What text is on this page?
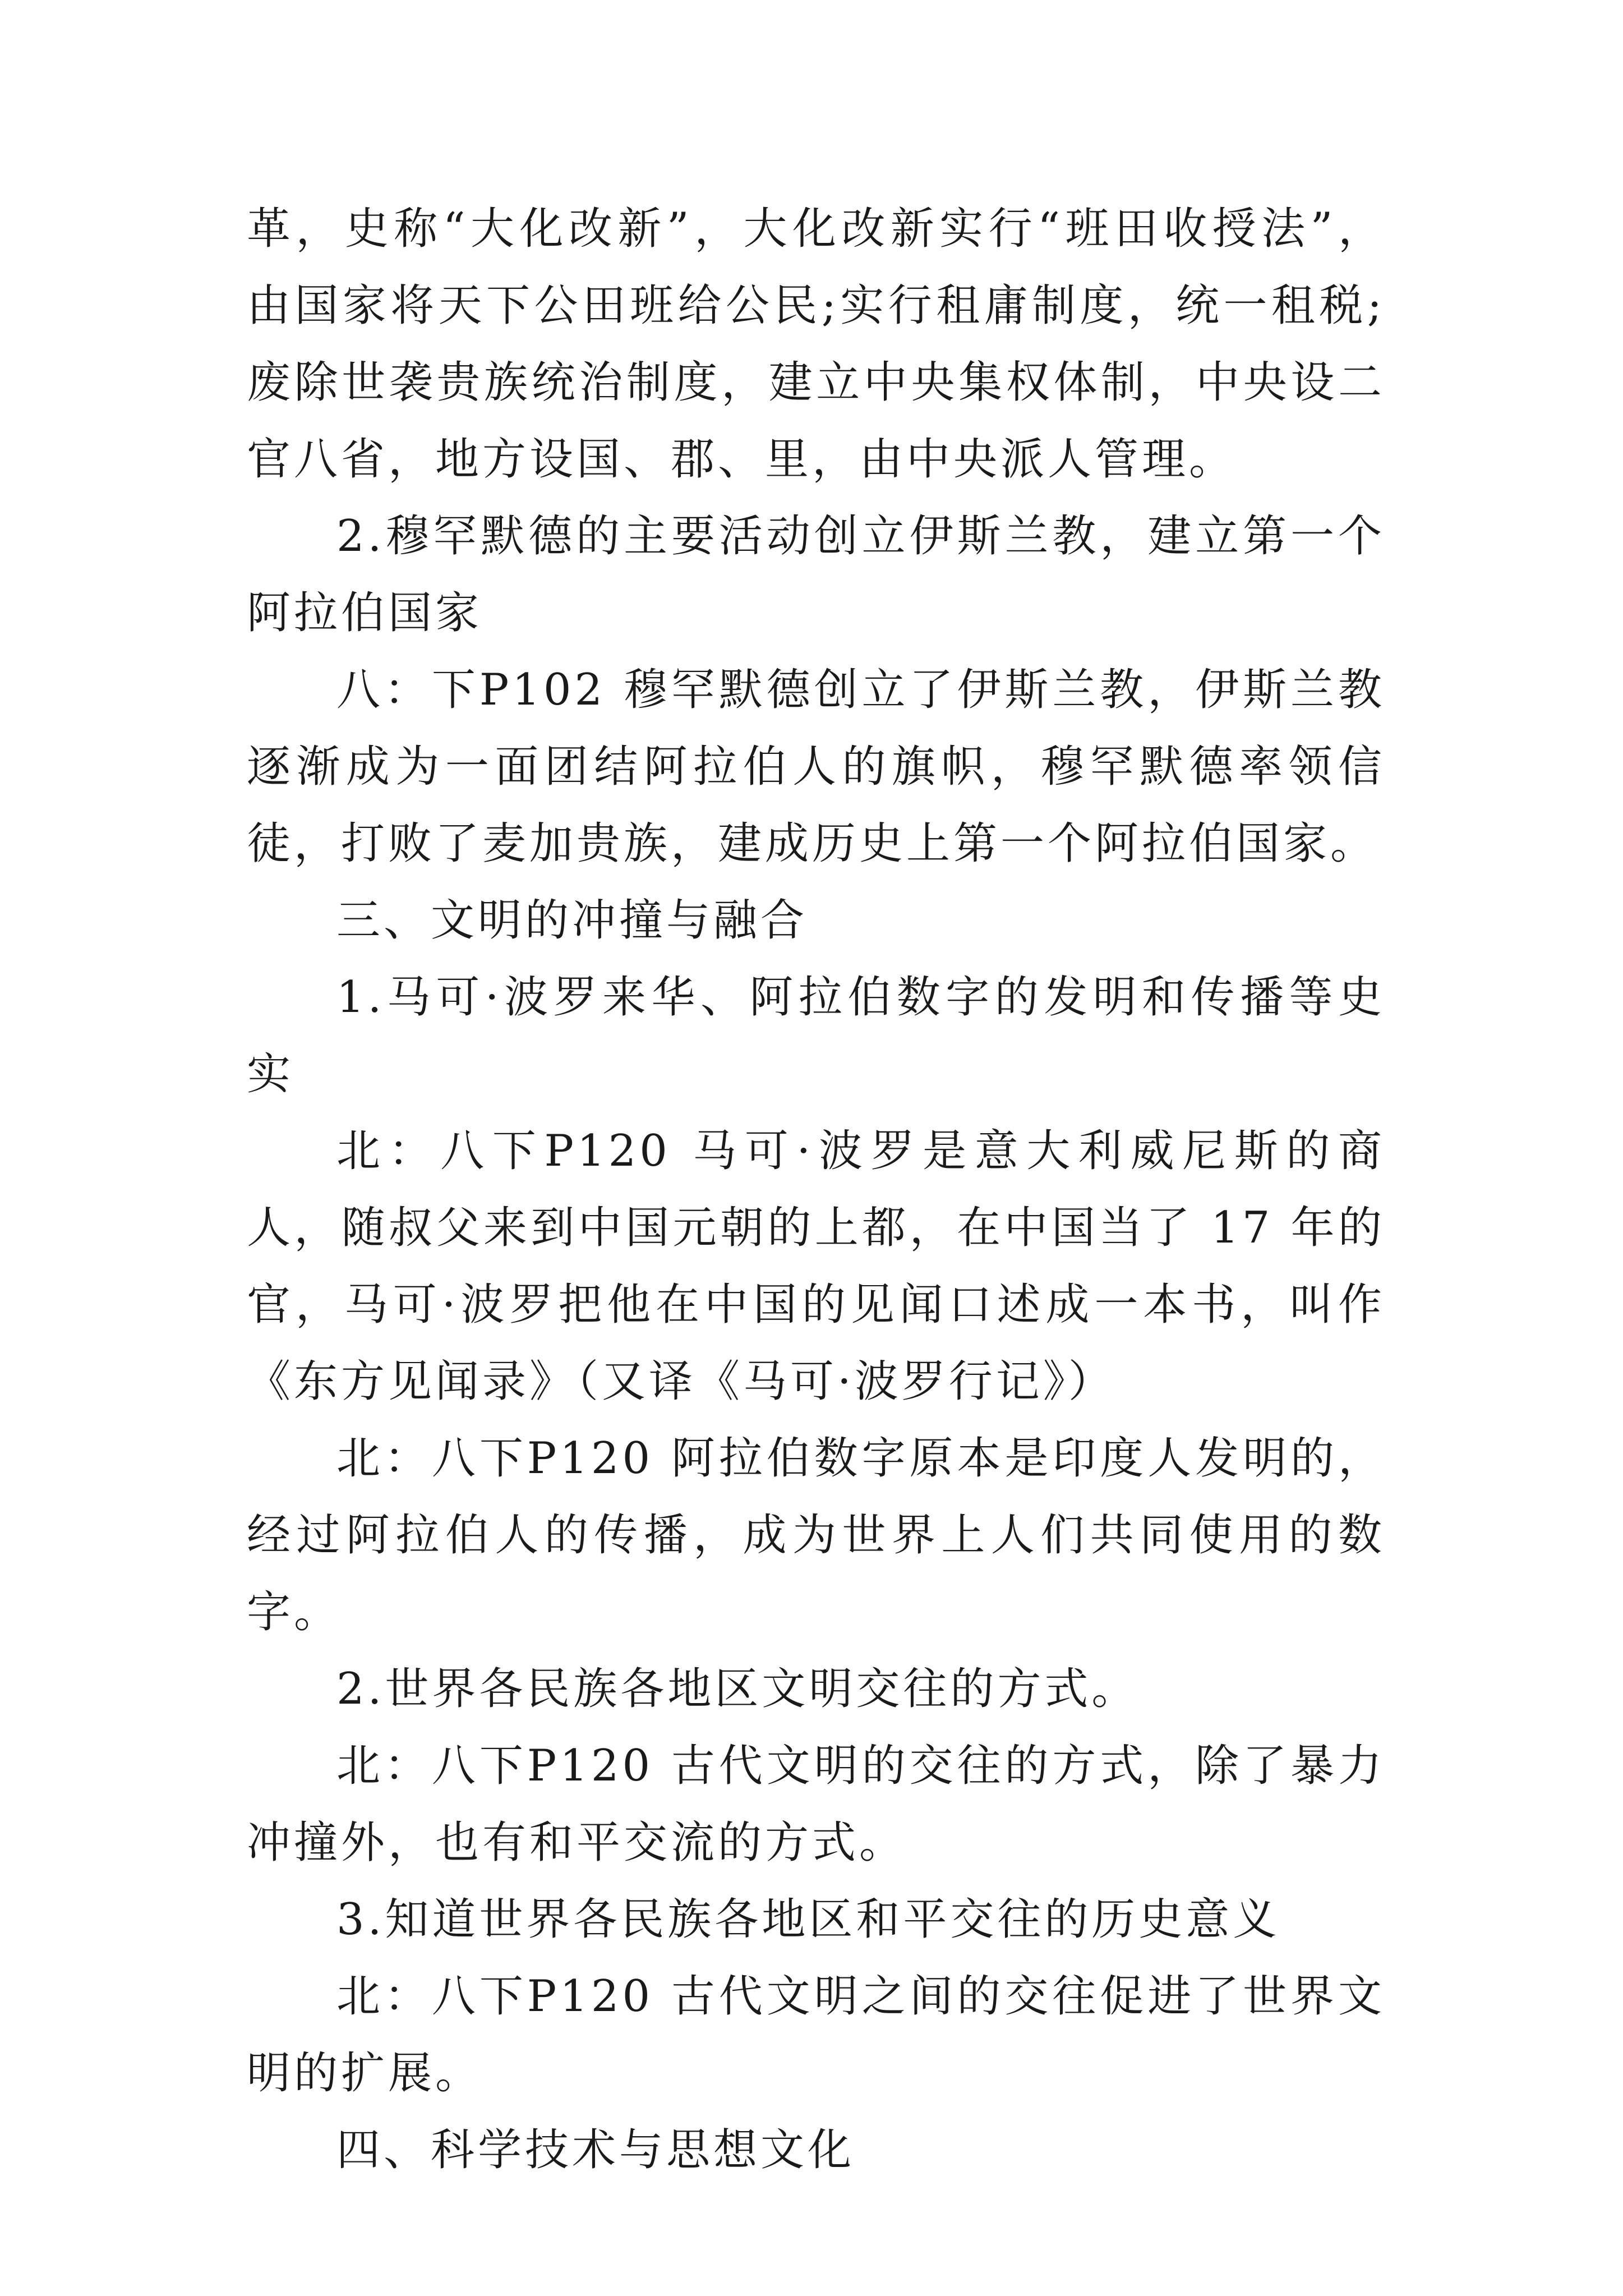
革，史称“大化改新”，大化改新实行“班田收授法”，由国家将天下公田班给公民;实行租庸制度，统一租税;废除世袭贵族统治制度，建立中央集权体制，中央设二官八省，地方设国、郡、里，由中央派人管理。

2.穆罕默德的主要活动创立伊斯兰教，建立第一个阿拉伯国家

八：下P102 穆罕默德创立了伊斯兰教，伊斯兰教逐渐成为一面团结阿拉伯人的旗帜，穆罕默德率领信徒，打败了麦加贵族，建成历史上第一个阿拉伯国家。

三、文明的冲撞与融合

1.马可·波罗来华、阿拉伯数字的发明和传播等史实

北：八下P120 马可·波罗是意大利威尼斯的商人，随叔父来到中国元朝的上都，在中国当了 17 年的官，马可·波罗把他在中国的见闻口述成一本书，叫作《东方见闻录》（又译《马可·波罗行记》）

北：八下P120 阿拉伯数字原本是印度人发明的，经过阿拉伯人的传播，成为世界上人们共同使用的数字。

2.世界各民族各地区文明交往的方式。

北：八下P120 古代文明的交往的方式，除了暴力冲撞外，也有和平交流的方式。

3.知道世界各民族各地区和平交往的历史意义

北：八下P120 古代文明之间的交往促进了世界文明的扩展。

四、科学技术与思想文化
